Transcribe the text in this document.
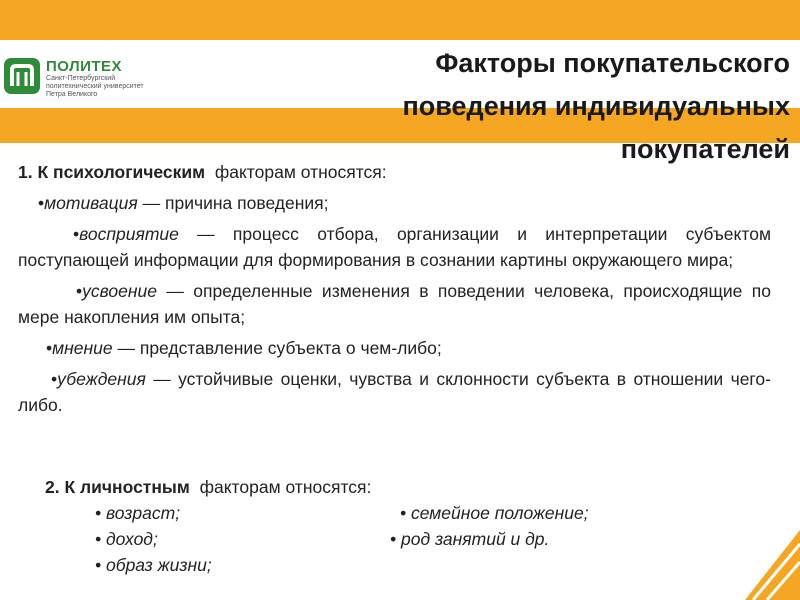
ПОЛИТЕХ
Санкт-Петербургский
политехнический университет
Петра Великого
Факторы покупательского
поведения индивидуальных
покупателей

1. К психологическим факторам относятся:

•мотивация — причина поведения;

•восприятие — процесс отбора, организации и интерпретации субъектом поступающей информации для формирования в сознании картины окружающего мира;

•усвоение — определенные изменения в поведении человека, происходящие по мере накопления им опыта;

•мнение — представление субъекта о чем-либо;

•убеждения — устойчивые оценки, чувства и склонности субъекта в отношении чего-либо.

2. К личностным факторам относятся:
• возраст;
• доход;
• образ жизни;
• семейное положение;
• род занятий и др.
